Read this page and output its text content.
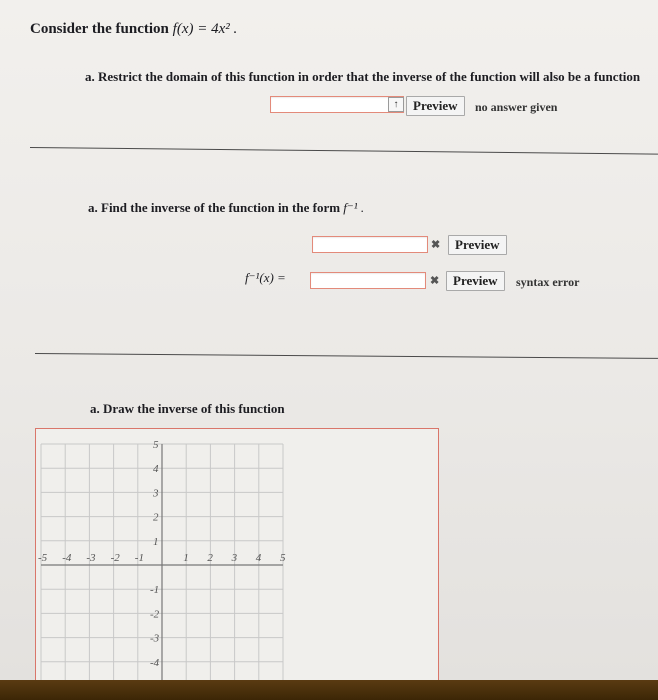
Consider the function f(x) = 4x² .
a. Restrict the domain of this function in order that the inverse of the function will also be a function
↑	Preview	no answer given
a. Find the inverse of the function in the form f⁻¹ .
✖	Preview
f⁻¹(x) =	✖	Preview	syntax error
a. Draw the inverse of this function
-5 -4 -3 -2 -1	1 2 3 4 5
5
4
3
2
1
-1
-2
-3
-4
